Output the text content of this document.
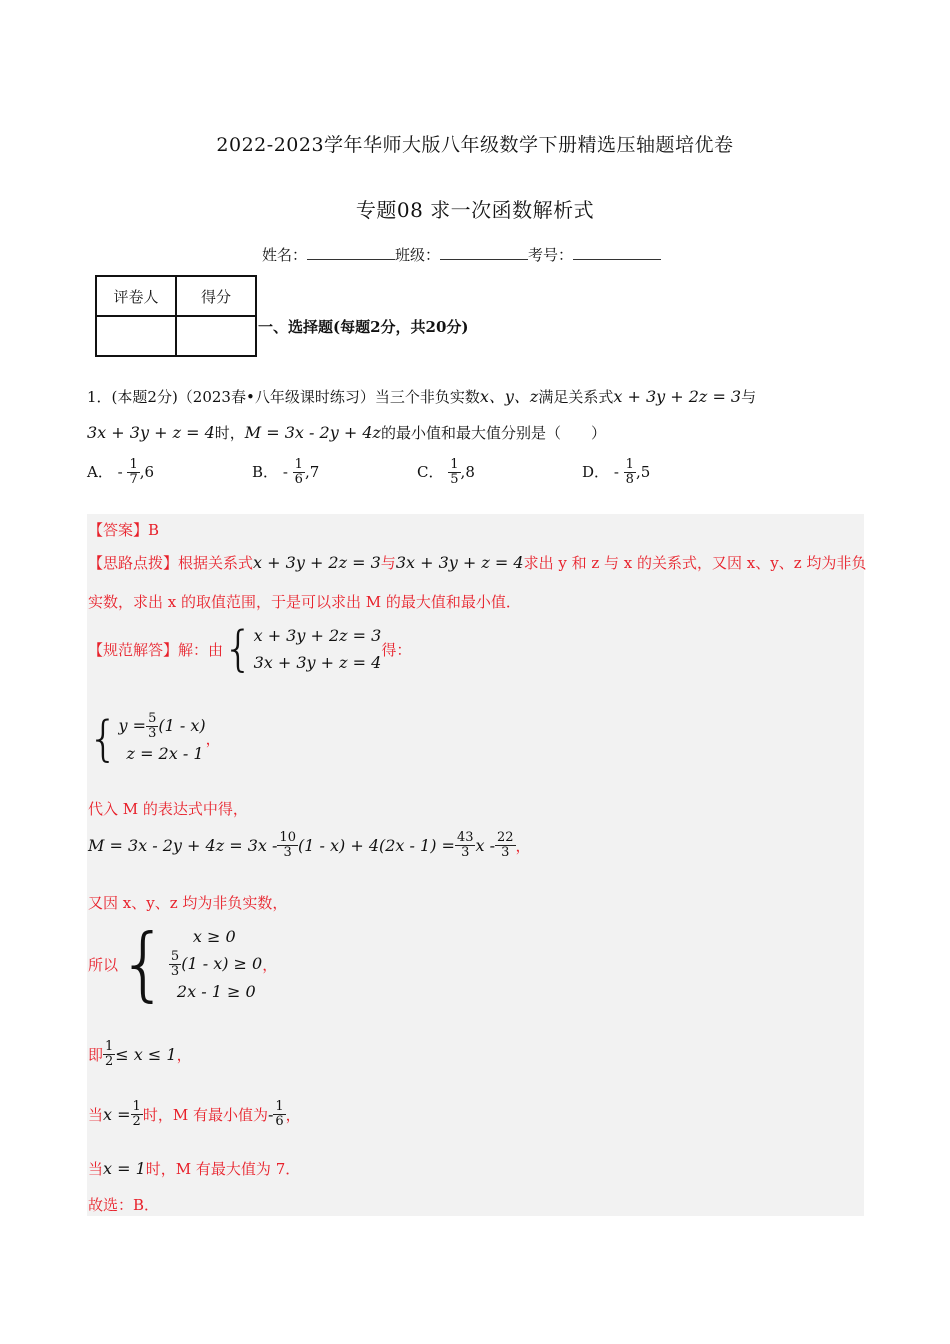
2022-2023学年华师大版八年级数学下册精选压轴题培优卷
专题08 求一次函数解析式
姓名：	班级：	考号：
评卷人	得分

一、选择题(每题2分，共20分)
1．(本题2分)（2023春•八年级课时练习）当三个非负实数x、y、z满足关系式x + 3y + 2z = 3与
3x + 3y + z = 4时，M = 3x - 2y + 4z的最小值和最大值分别是（　　）
A． - $\frac{1}{7} ,6$	B． - $\frac{1}{6} ,7$	C． $\frac{1}{5} ,8$	D． - $\frac{1}{8} ,5$
【答案】B
【思路点拨】根据关系式x + 3y + 2z = 3与3x + 3y + z = 4求出 y 和 z 与 x 的关系式，又因 x、y、z 均为非负
实数，求出 x 的取值范围，于是可以求出 M 的最大值和最小值．
【规范解答】解：由 { x + 3y + 2z = 3
3x + 3y + z = 4
得：
{ $y = \frac{5}{3} (1 - x)$
z = 2x - 1
，
代入 M 的表达式中得，
$M = 3x - 2y + 4z = 3x - \frac{10}{3} (1 - x) + 4(2x - 1) = \frac{43}{3}$ x - $\frac{22}{3}$ ，
又因 x、y、z 均为非负实数，
所以 {	x ≥ 0
$\frac{5}{3} (1 - x) \ge 0$
2x - 1 ≥ 0
，
即 $\frac{1}{2} \le x \le 1$ ，
当 $x = \frac{1}{2}$ 时，M 有最小值为 - $\frac{1}{6}$ ，
当x = 1时，M 有最大值为 7．
故选：B．
